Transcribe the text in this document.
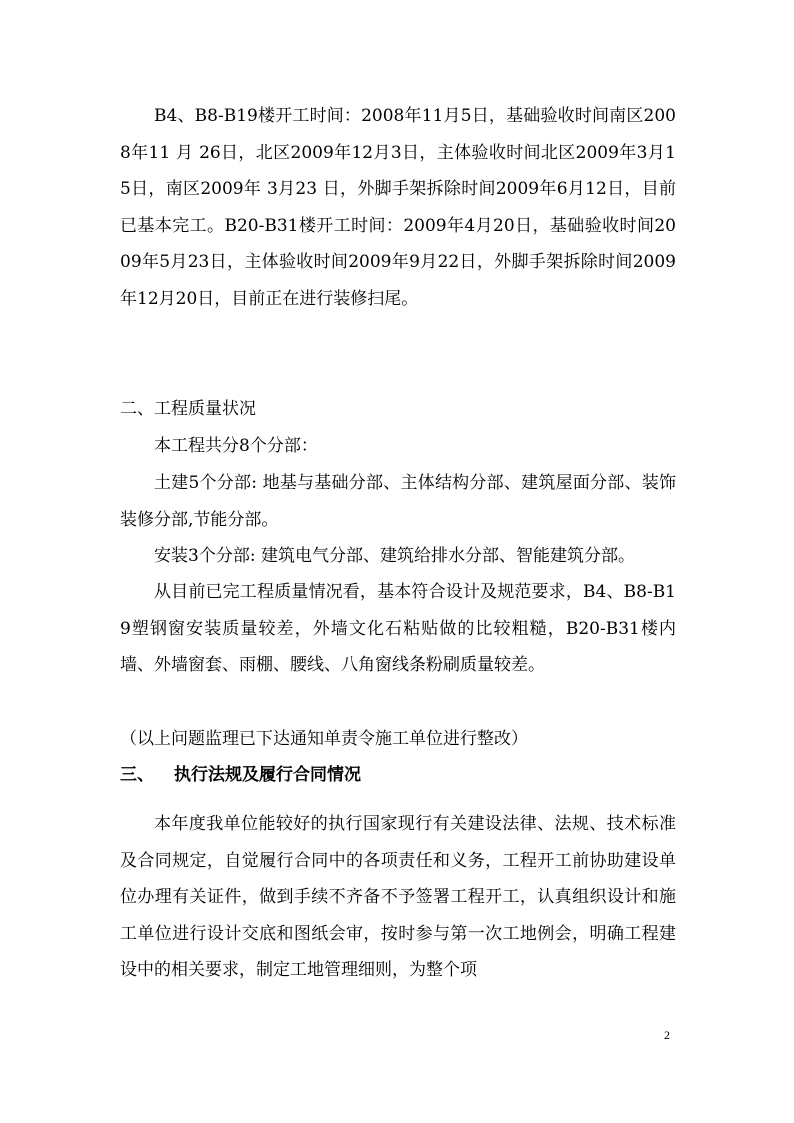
B4、B8-B19楼开工时间：2008年11月5日，基础验收时间南区2008年11 月 26日，北区2009年12月3日，主体验收时间北区2009年3月15日，南区2009年 3月23 日，外脚手架拆除时间2009年6月12日，目前已基本完工。B20-B31楼开工时间：2009年4月20日，基础验收时间2009年5月23日，主体验收时间2009年9月22日，外脚手架拆除时间2009年12月20日，目前正在进行装修扫尾。

二、工程质量状况

本工程共分8个分部：

土建5个分部: 地基与基础分部、主体结构分部、建筑屋面分部、装饰装修分部,节能分部。

安装3个分部: 建筑电气分部、建筑给排水分部、智能建筑分部。

从目前已完工程质量情况看，基本符合设计及规范要求，B4、B8-B19塑钢窗安装质量较差，外墙文化石粘贴做的比较粗糙，B20-B31楼内墙、外墙窗套、雨棚、腰线、八角窗线条粉刷质量较差。

（以上问题监理已下达通知单责令施工单位进行整改）

三、 执行法规及履行合同情况

本年度我单位能较好的执行国家现行有关建设法律、法规、技术标准及合同规定，自觉履行合同中的各项责任和义务，工程开工前协助建设单位办理有关证件，做到手续不齐备不予签署工程开工，认真组织设计和施工单位进行设计交底和图纸会审，按时参与第一次工地例会，明确工程建设中的相关要求，制定工地管理细则，为整个项

2
